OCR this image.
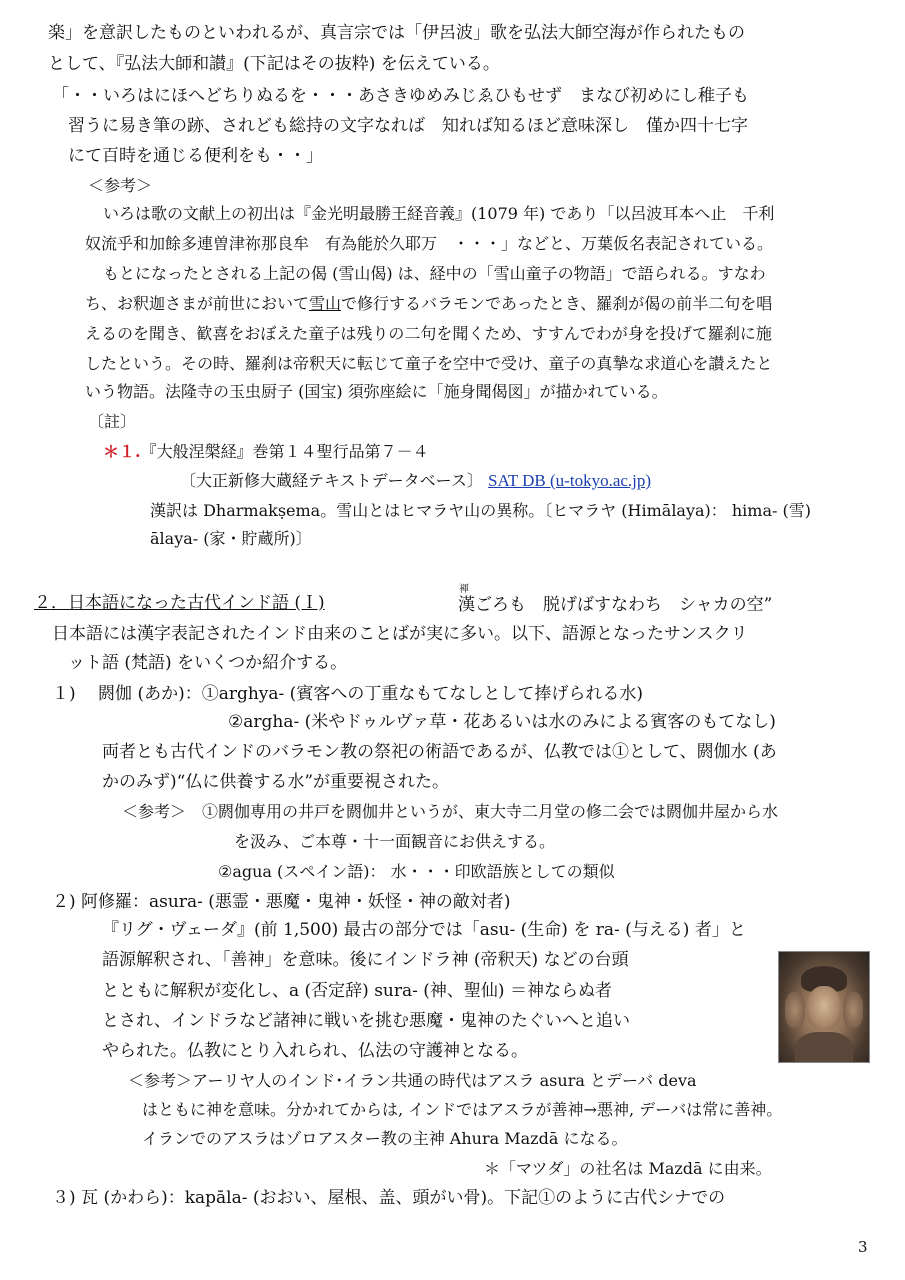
楽」を意訳したものといわれるが、真言宗では「伊呂波」歌を弘法大師空海が作られたもの
として、『弘法大師和讃』(下記はその抜粋) を伝えている。
「・・いろはにほへどちりぬるを・・・あさきゆめみじゑひもせず　まなび初めにし稚子も
習うに易き筆の跡、されども総持の文字なれば　知れば知るほど意味深し　僅か四十七字
にて百時を通じる便利をも・・」
＜参考＞
いろは歌の文献上の初出は『金光明最勝王経音義』(1079 年) であり「以呂波耳本へ止　千利
奴流乎和加餘多連曽津祢那良牟　有為能於久耶万　・・・」などと、万葉仮名表記されている。
もとになったとされる上記の偈 (雪山偈) は、経中の「雪山童子の物語」で語られる。すなわ
ち、お釈迦さまが前世において雪山で修行するバラモンであったとき、羅刹が偈の前半二句を唱
えるのを聞き、歓喜をおぼえた童子は残りの二句を聞くため、すすんでわが身を投げて羅刹に施
したという。その時、羅刹は帝釈天に転じて童子を空中で受け、童子の真摯な求道心を讃えたと
いう物語。法隆寺の玉虫厨子 (国宝) 須弥座絵に「施身聞偈図」が描かれている。
〔註〕
＊１.『大般涅槃経』巻第１４聖行品第７－４
〔大正新修大蔵経テキストデータベース〕 SAT DB (u-tokyo.ac.jp)
漢訳は Dharmakṣema。雪山とはヒマラヤ山の異称。〔ヒマラヤ (Himālaya)： hima- (雪)
ālaya- (家・貯蔵所)〕
２．日本語になった古代インド語 (Ｉ)
褌
漢ごろも　脱げばすなわち　シャカの空”
日本語には漢字表記されたインド由来のことばが実に多い。以下、語源となったサンスクリ
ット語 (梵語) をいくつか紹介する。
１)　 閼伽 (あか)：①arghya- (賓客への丁重なもてなしとして捧げられる水)
②argha- (米やドゥルヴァ草・花あるいは水のみによる賓客のもてなし)
両者とも古代インドのバラモン教の祭祀の術語であるが、仏教では①として、閼伽水 (あ
かのみず)“仏に供養する水”が重要視された。
＜参考＞　①閼伽専用の井戸を閼伽井というが、東大寺二月堂の修二会では閼伽井屋から水
を汲み、ご本尊・十一面観音にお供えする。
②agua (スペイン語)： 水・・・印欧語族としての類似
２) 阿修羅：asura- (悪霊・悪魔・鬼神・妖怪・神の敵対者)
『リグ・ヴェーダ』(前 1,500) 最古の部分では「asu- (生命) を ra- (与える) 者」と
語源解釈され、「善神」を意味。後にインドラ神 (帝釈天) などの台頭
とともに解釈が変化し、a (否定辞) sura- (神、聖仙) ＝神ならぬ者
とされ、インドラなど諸神に戦いを挑む悪魔・鬼神のたぐいへと追い
やられた。仏教にとり入れられ、仏法の守護神となる。
＜参考＞アーリヤ人のインド･イラン共通の時代はアスラ asura とデーバ deva
はともに神を意味。分かれてからは, インドではアスラが善神→悪神, デーバは常に善神。
イランでのアスラはゾロアスター教の主神 Ahura Mazdā になる。
＊「マツダ」の社名は Mazdā に由来。
３) 瓦 (かわら)：kapāla- (おおい、屋根、盖、頭がい骨)。下記①のように古代シナでの
3
